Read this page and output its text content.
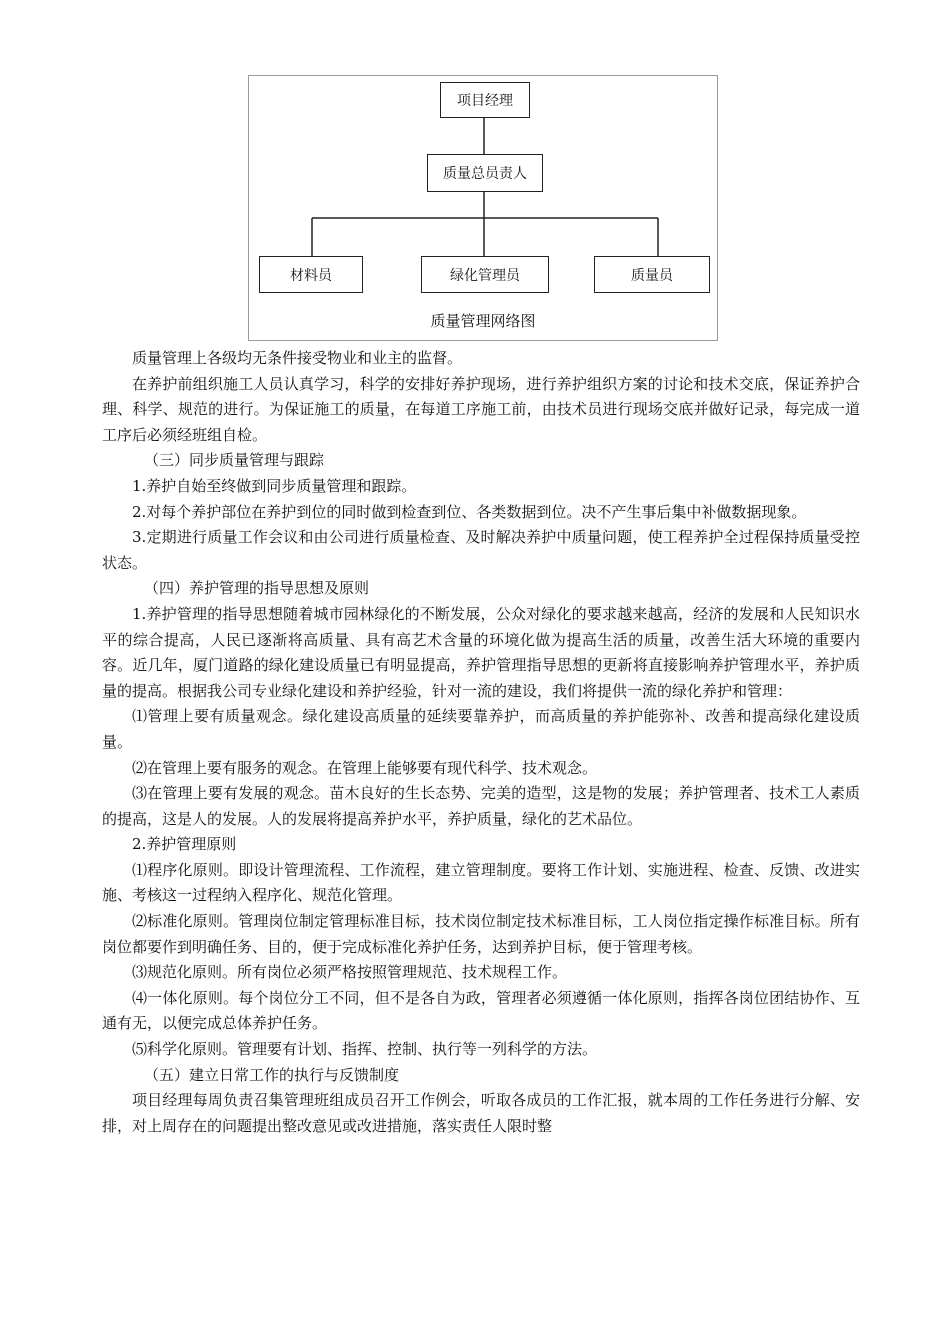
项目经理
质量总员责人
材料员	绿化管理员	质量员
质量管理网络图

质量管理上各级均无条件接受物业和业主的监督。

在养护前组织施工人员认真学习，科学的安排好养护现场，进行养护组织方案的讨论和技术交底，保证养护合理、科学、规范的进行。为保证施工的质量，在每道工序施工前，由技术员进行现场交底并做好记录，每完成一道工序后必须经班组自检。

（三）同步质量管理与跟踪

1.养护自始至终做到同步质量管理和跟踪。

2.对每个养护部位在养护到位的同时做到检查到位、各类数据到位。决不产生事后集中补做数据现象。

3.定期进行质量工作会议和由公司进行质量检查、及时解决养护中质量问题，使工程养护全过程保持质量受控状态。

（四）养护管理的指导思想及原则

1.养护管理的指导思想随着城市园林绿化的不断发展，公众对绿化的要求越来越高，经济的发展和人民知识水平的综合提高，人民已逐渐将高质量、具有高艺术含量的环境化做为提高生活的质量，改善生活大环境的重要内容。近几年，厦门道路的绿化建设质量已有明显提高，养护管理指导思想的更新将直接影响养护管理水平，养护质量的提高。根据我公司专业绿化建设和养护经验，针对一流的建设，我们将提供一流的绿化养护和管理：

⑴管理上要有质量观念。绿化建设高质量的延续要靠养护，而高质量的养护能弥补、改善和提高绿化建设质量。

⑵在管理上要有服务的观念。在管理上能够要有现代科学、技术观念。

⑶在管理上要有发展的观念。苗木良好的生长态势、完美的造型，这是物的发展；养护管理者、技术工人素质的提高，这是人的发展。人的发展将提高养护水平，养护质量，绿化的艺术品位。

2.养护管理原则

⑴程序化原则。即设计管理流程、工作流程，建立管理制度。要将工作计划、实施进程、检查、反馈、改进实施、考核这一过程纳入程序化、规范化管理。

⑵标准化原则。管理岗位制定管理标准目标，技术岗位制定技术标准目标，工人岗位指定操作标准目标。所有岗位都要作到明确任务、目的，便于完成标准化养护任务，达到养护目标，便于管理考核。

⑶规范化原则。所有岗位必须严格按照管理规范、技术规程工作。

⑷一体化原则。每个岗位分工不同，但不是各自为政，管理者必须遵循一体化原则，指挥各岗位团结协作、互通有无，以便完成总体养护任务。

⑸科学化原则。管理要有计划、指挥、控制、执行等一列科学的方法。

（五）建立日常工作的执行与反馈制度

项目经理每周负责召集管理班组成员召开工作例会，听取各成员的工作汇报，就本周的工作任务进行分解、安排，对上周存在的问题提出整改意见或改进措施，落实责任人限时整
